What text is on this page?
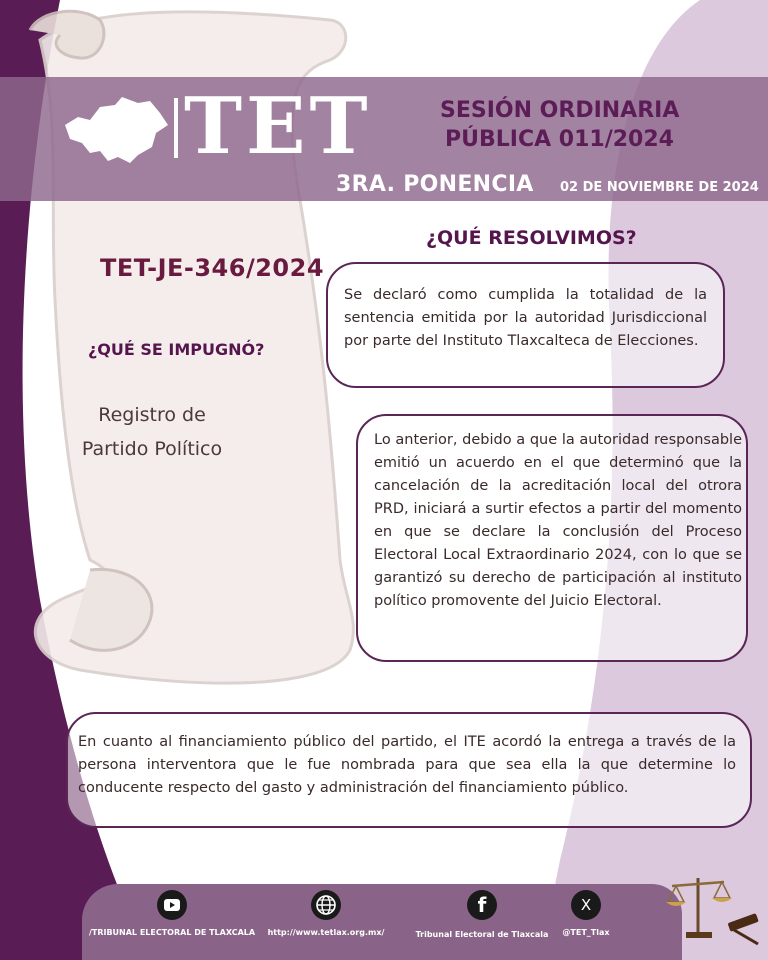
TET	SESIÓN ORDINARIA
PÚBLICA 011/2024
3RA. PONENCIA 02 DE NOVIEMBRE DE 2024
TET-JE-346/2024
¿QUÉ SE IMPUGNÓ?
Registro de
Partido Político
¿QUÉ RESOLVIMOS?
Se declaró como cumplida la totalidad de la sentencia emitida por la autoridad Jurisdiccional por parte del Instituto Tlaxcalteca de Elecciones.
Lo anterior, debido a que la autoridad responsable emitió un acuerdo en el que determinó que la cancelación de la acreditación local del otrora PRD, iniciará a surtir efectos a partir del momento en que se declare la conclusión del Proceso Electoral Local Extraordinario 2024, con lo que se garantizó su derecho de participación al instituto político promovente del Juicio Electoral.
En cuanto al financiamiento público del partido, el ITE acordó la entrega a través de la persona interventora que le fue nombrada para que sea ella la que determine lo conducente respecto del gasto y administración del financiamiento público.
/TRIBUNAL ELECTORAL DE TLAXCALA http://www.tetlax.org.mx/
f
Tribunal Electoral de Tlaxcala
X
@TET_Tlax
